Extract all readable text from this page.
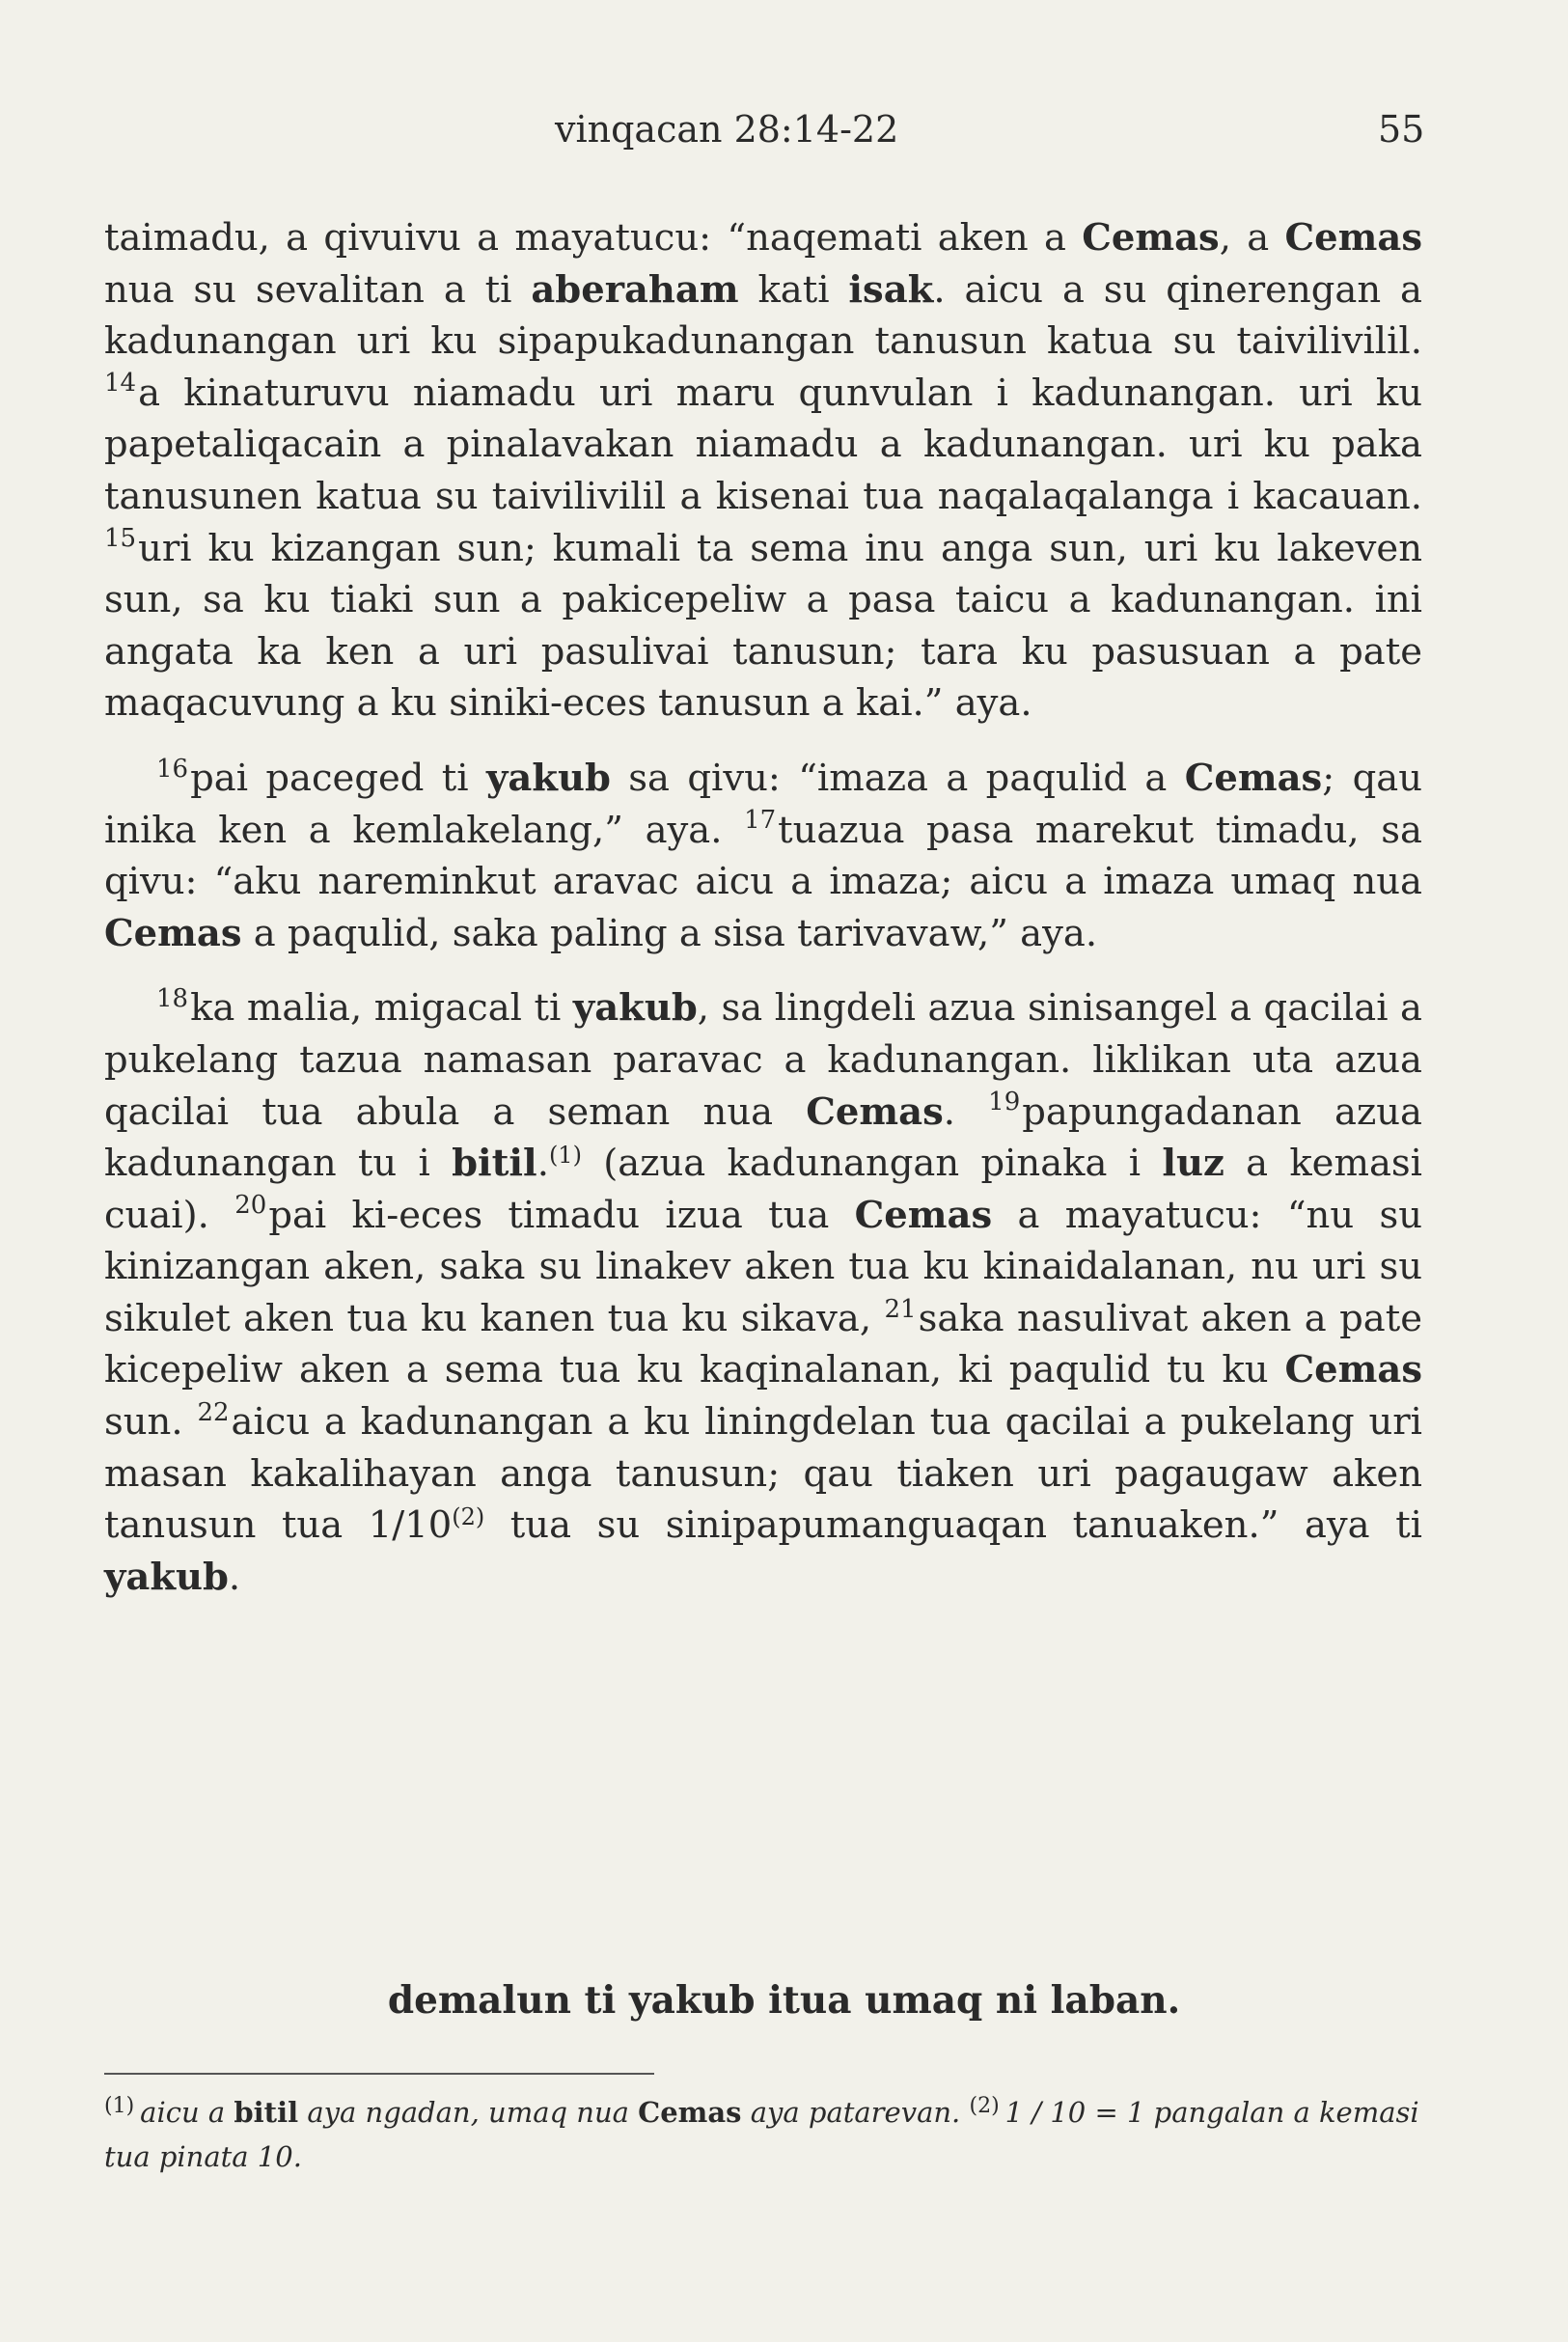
vinqacan 28:14-22	55

taimadu, a qivuivu a mayatucu: “naqemati aken a Cemas, a Cemas nua su sevalitan a ti aberaham kati isak. aicu a su qinerengan a kadunangan uri ku sipapukadunangan tanusun katua su taivilivilil. $^{14}$a kinaturuvu niamadu uri maru qunvulan i kadunangan. uri ku papetaliqacain a pinalavakan niamadu a kadunangan. uri ku paka tanusunen katua su taivilivilil a kisenai tua naqalaqalanga i kacauan. $^{15}$uri ku kizangan sun; kumali ta sema inu anga sun, uri ku lakeven sun, sa ku tiaki sun a pakicepeliw a pasa taicu a kadunangan. ini angata ka ken a uri pasulivai tanusun; tara ku pasusuan a pate maqacuvung a ku siniki-eces tanusun a kai.” aya.

$^{16}$pai paceged ti yakub sa qivu: “imaza a paqulid a Cemas; qau inika ken a kemlakelang,” aya. $^{17}$tuazua pasa marekut timadu, sa qivu: “aku nareminkut aravac aicu a imaza; aicu a imaza umaq nua Cemas a paqulid, saka paling a sisa tarivavaw,” aya.

$^{18}$ka malia, migacal ti yakub, sa lingdeli azua sinisangel a qacilai a pukelang tazua namasan paravac a kadunangan. liklikan uta azua qacilai tua abula a seman nua Cemas. $^{19}$papungadanan azua kadunangan tu i bitil.$^{(1)}$ (azua kadunangan pinaka i luz a kemasi cuai). $^{20}$pai ki-eces timadu izua tua Cemas a mayatucu: “nu su kinizangan aken, saka su linakev aken tua ku kinaidalanan, nu uri su sikulet aken tua ku kanen tua ku sikava, $^{21}$saka nasulivat aken a pate kicepeliw aken a sema tua ku kaqinalanan, ki paqulid tu ku Cemas sun. $^{22}$aicu a kadunangan a ku liningdelan tua qacilai a pukelang uri masan kakalihayan anga tanusun; qau tiaken uri pagaugaw aken tanusun tua 1/10$^{(2)}$ tua su sinipapumanguaqan tanuaken.” aya ti yakub.

demalun ti yakub itua umaq ni laban.
$^{(1)}$ aicu a bitil aya ngadan, umaq nua Cemas aya patarevan. $^{(2)}$ 1 / 10 = 1 pangalan a kemasi tua pinata 10.
